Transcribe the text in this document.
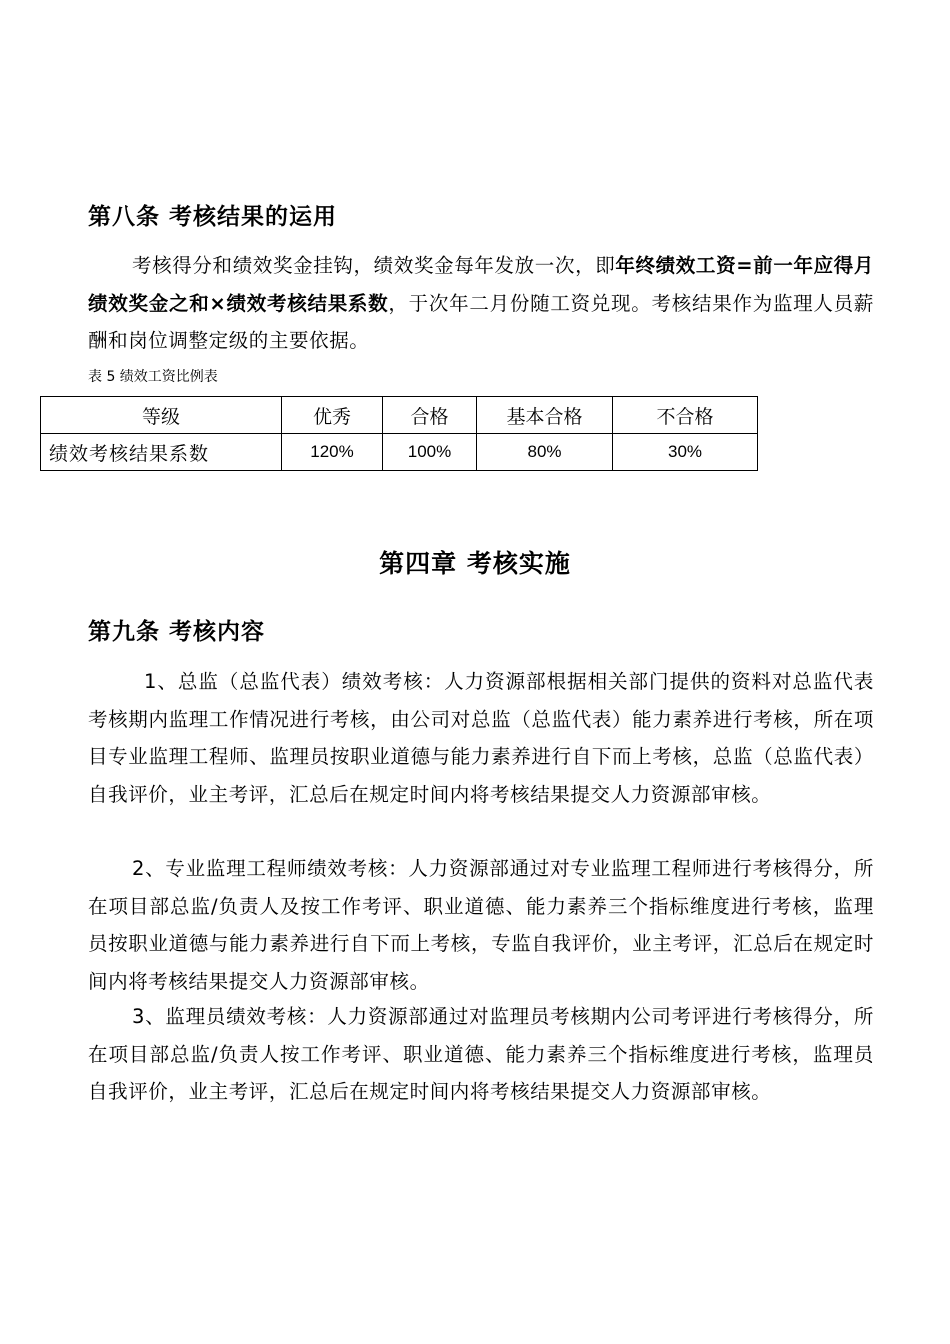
第八条 考核结果的运用

考核得分和绩效奖金挂钩，绩效奖金每年发放一次，即年终绩效工资=前一年应得月绩效奖金之和×绩效考核结果系数，于次年二月份随工资兑现。考核结果作为监理人员薪酬和岗位调整定级的主要依据。

表 5 绩效工资比例表

等级	优秀	合格	基本合格	不合格
绩效考核结果系数	120%	100%	80%	30%
第四章 考核实施
第九条 考核内容

1、总监（总监代表）绩效考核：人力资源部根据相关部门提供的资料对总监代表考核期内监理工作情况进行考核，由公司对总监（总监代表）能力素养进行考核，所在项目专业监理工程师、监理员按职业道德与能力素养进行自下而上考核，总监（总监代表）自我评价，业主考评，汇总后在规定时间内将考核结果提交人力资源部审核。

2、专业监理工程师绩效考核：人力资源部通过对专业监理工程师进行考核得分，所在项目部总监/负责人及按工作考评、职业道德、能力素养三个指标维度进行考核，监理员按职业道德与能力素养进行自下而上考核，专监自我评价，业主考评，汇总后在规定时间内将考核结果提交人力资源部审核。

3、监理员绩效考核：人力资源部通过对监理员考核期内公司考评进行考核得分，所在项目部总监/负责人按工作考评、职业道德、能力素养三个指标维度进行考核，监理员自我评价，业主考评，汇总后在规定时间内将考核结果提交人力资源部审核。
